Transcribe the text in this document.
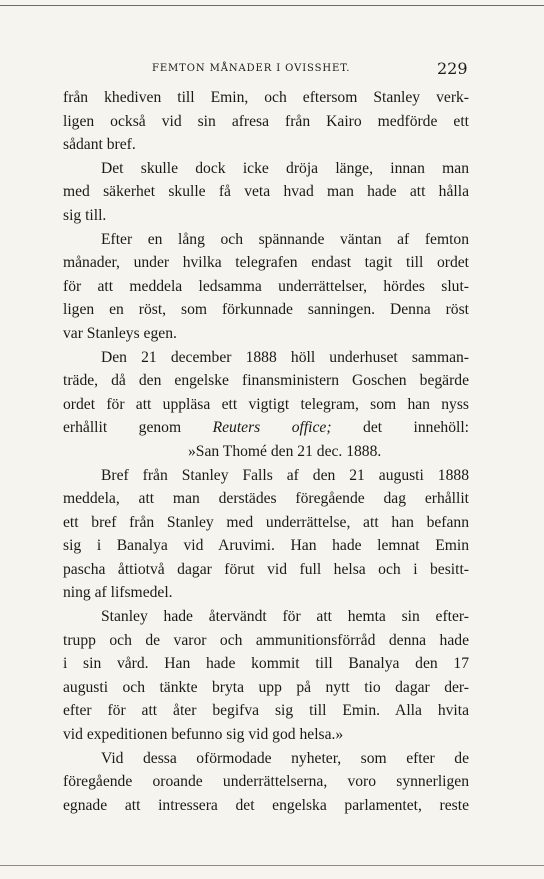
FEMTON MÅNADER I OVISSHET.	229
från khediven till Emin, och eftersom Stanley verk-
ligen också vid sin afresa från Kairo medförde ett
sådant bref.
Det skulle dock icke dröja länge, innan man
med säkerhet skulle få veta hvad man hade att hålla
sig till.
Efter en lång och spännande väntan af femton
månader, under hvilka telegrafen endast tagit till ordet
för att meddela ledsamma underrättelser, hördes slut-
ligen en röst, som förkunnade sanningen. Denna röst
var Stanleys egen.
Den 21 december 1888 höll underhuset samman-
träde, då den engelske finansministern Goschen begärde
ordet för att uppläsa ett vigtigt telegram, som han nyss
erhållit genom Reuters office; det innehöll:
»San Thomé den 21 dec. 1888.
Bref från Stanley Falls af den 21 augusti 1888
meddela, att man derstädes föregående dag erhållit
ett bref från Stanley med underrättelse, att han befann
sig i Banalya vid Aruvimi. Han hade lemnat Emin
pascha åttiotvå dagar förut vid full helsa och i besitt-
ning af lifsmedel.
Stanley hade återvändt för att hemta sin efter-
trupp och de varor och ammunitionsförråd denna hade
i sin vård. Han hade kommit till Banalya den 17
augusti och tänkte bryta upp på nytt tio dagar der-
efter för att åter begifva sig till Emin. Alla hvita
vid expeditionen befunno sig vid god helsa.»
Vid dessa oförmodade nyheter, som efter de
föregående oroande underrättelserna, voro synnerligen
egnade att intressera det engelska parlamentet, reste
